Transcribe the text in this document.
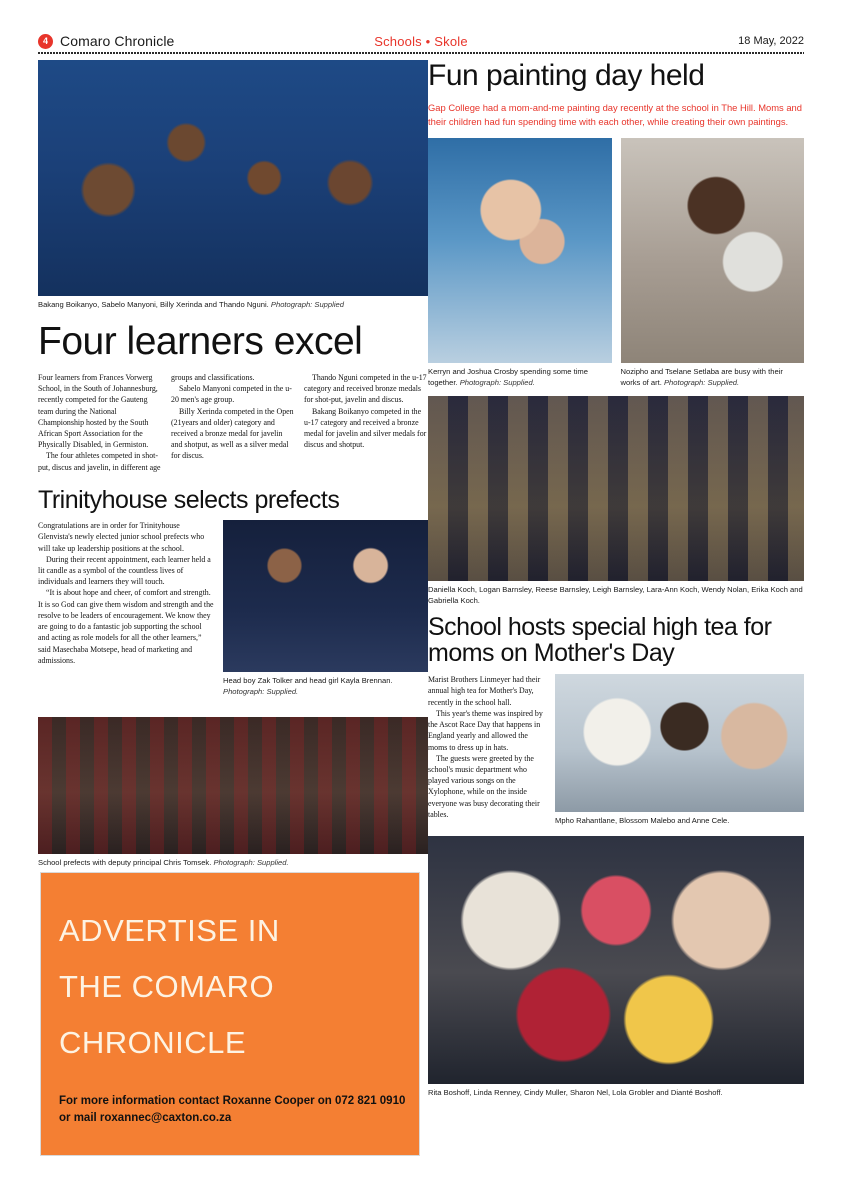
4 Comaro Chronicle	Schools • Skole	18 May, 2022
Bakang Boikanyo, Sabelo Manyoni, Billy Xerinda and Thando Nguni. Photograph: Supplied
Four learners excel

Four learners from Frances Vorwerg School, in the South of Johannesburg, recently competed for the Gauteng team during the National Championship hosted by the South African Sport Association for the Physically Disabled, in Germiston.

The four athletes competed in shot-put, discus and javelin, in different age groups and classifications.

Sabelo Manyoni competed in the u-20 men's age group.

Billy Xerinda competed in the Open (21years and older) category and received a bronze medal for javelin and shotput, as well as a silver medal for discus.

Thando Nguni competed in the u-17 category and received bronze medals for shot-put, javelin and discus.

Bakang Boikanyo competed in the u-17 category and received a bronze medal for javelin and silver medals for discus and shotput.

Trinityhouse selects prefects

Congratulations are in order for Trinityhouse Glenvista's newly elected junior school prefects who will take up leadership positions at the school.

During their recent appointment, each learner held a lit candle as a symbol of the countless lives of individuals and learners they will touch.

“It is about hope and cheer, of comfort and strength. It is so God can give them wisdom and strength and the resolve to be leaders of encouragement. We know they are going to do a fantastic job supporting the school and acting as role models for all the other learners,” said Masechaba Motsepe, head of marketing and admissions.

Head boy Zak Tolker and head girl Kayla Brennan. Photograph: Supplied.
School prefects with deputy principal Chris Tomsek. Photograph: Supplied.
ADVERTISE IN
THE COMARO
CHRONICLE
For more information contact Roxanne Cooper on 072 821 0910 or mail roxannec@caxton.co.za
Fun painting day held
Gap College had a mom-and-me painting day recently at the school in The Hill. Moms and their children had fun spending time with each other, while creating their own paintings.
Kerryn and Joshua Crosby spending some time together. Photograph: Supplied.
Nozipho and Tselane Setlaba are busy with their works of art. Photograph: Supplied.
Daniella Koch, Logan Barnsley, Reese Barnsley, Leigh Barnsley, Lara-Ann Koch, Wendy Nolan, Erika Koch and Gabriella Koch.
School hosts special high tea for moms on Mother's Day

Marist Brothers Linmeyer had their annual high tea for Mother's Day, recently in the school hall.

This year's theme was inspired by the Ascot Race Day that happens in England yearly and allowed the moms to dress up in hats.

The guests were greeted by the school's music department who played various songs on the Xylophone, while on the inside everyone was busy decorating their tables.

Mpho Rahantlane, Blossom Malebo and Anne Cele.
Rita Boshoff, Linda Renney, Cindy Muller, Sharon Nel, Lola Grobler and Dianté Boshoff.
